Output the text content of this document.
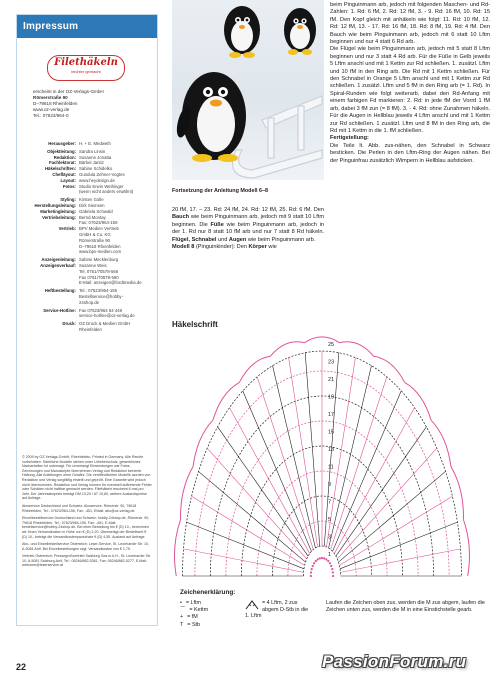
Impressum
Filethäkeln
leichter gemacht
erscheint in der OZ-Verlags-GmbH
Römerstraße 90
D–79618 Rheinfelden
www.oz-verlag.de
Tel.: 07623/964-0
Herausgeber: H. + E. Medweth
Objektleitung: Sandra Linsin
Redaktion: Susanne Jonatta
Fachlektorat: Bärbel Janitz
Häkelschriften: Sabine Schidelko
Chefläyout: Gundula Zehner-Vogtes
Layout: www.heydesign.de
Fotos: Studio Erwin Weihinger
(wenn nicht anders erwähnt)
Styling: Kirsten Golle
Herstellungsleitung: Dirk Siemsen
Marketingleitung: Gabriela Schwald
Vertriebsleitung: Bernd Montay
Fax: 07623/964-159
Vertrieb: BPV Medien Vertrieb
GmbH & Co. KG
Römerstraße 90
D–79618 Rheinfelden
www.bpv-medien.com
Anzeigenleitung: Sabine Mecklenburg
Anzeigenverkauf: Susanne Weis
Tel. 0761/70578-566
Fax 0761/70578-560
E-Mail: anzeigen@fordtmedia.de
Heftbestellung: Tel.: 07623/964-155
Bestellservice@hobby-
24shop.de
Service-Hotline: Fax 07623/964 64 449
service-hotline@oz-verlag.de
Druck: OZ Druck & Medien GmbH
Rheinfelden

© 2009 by OZ-Verlags-GmbH, Rheinfelden. Printed in Germany. Alle Rechte vorbehalten. Sämtliche Modelle stehen unter Urheberschutz, gewerbliches Nacharbeiten ist untersagt. Für unverlangt Einsendungen wie Fotos, Zeichnungen und Manuskripte übernehmen Verlag und Redaktion keinerlei Haftung. Alle Anleitungen ohne Gewähr. Die veröffentlichten Modelle wurden von Redaktion und Verlag sorgfältig erstellt und geprüft. Eine Garantie wird jedoch nicht übernommen. Redaktion und Verlag können für eventuell auftretende Fehler oder Schäden nicht haftbar gemacht werden. Filethäkeln erscheint 6 mal pro Jahr. Der Jahresabopreis beträgt DM 13,20 / AT 19,80, weitere Auslandspreise auf Anfrage.

Aboservice Deutschland und Schweiz: Aboservice, Römerstr. 90, 79618 Rheinfelden, Tel.: 07623/964-156, Fax: -451, EMail: abo@oz-verlag.de

Einzelbestellservice Deutschland und Schweiz: hobby-24shop.de, Römerstr. 90, 79618 Rheinfelden, Tel.: 07623/964-155, Fax: -451, E-Mail: bestellservice@hobby-24shop.de. Bei einer Bestellung bis € (D) 10,- berechnen wir Ihnen Versandkosten in Höhe von € (D) 2,20. Überweisgt der Bestellwert € (D) 10,- beträgt die Versandkostenpauschale € (D) 4,55. Ausland auf Anfrage.

Abo- und Einzelbestellservice Österreich: Leser-Service, St. Leonharder Str. 10, A-5081 Anif. Bei Einzelbestellungen zzgl. Versandkosten von € 1,75.

Vertrieb Österreich: Pressegroßvertrieb Salzburg Ges.m.b.H., St. Leonharder Str. 10, A-5081 Salzburg-Anif, Tel.: 06246/882-5381, Fax: 06246/882-5277, E-Mail: welcome@leserservice.at

Fortsetzung der Anleitung Modell 6–8
20 fM, 17. – 23. Rd: 24 fM, 24. Rd: 12 fM, 25. Rd: 6 fM. Den Bauch wie beim Pinguinmann arb, jedoch mit 9 statt 10 Lftm beginnen. Die Füße wie beim Pinguinmann arb, jedoch in der 1. Rd nur 8 statt 10 fM arb und nur 7 statt 8 Rd häkeln. Flügel, Schnabel und Augen wie beim Pinguinmann arb.
Modell 8 (Pinguinkinder): Den Körper wie
beim Pinguinmann arb, jedoch mit folgenden Maschen- und Rd-Zahlen: 1. Rd: 6 fM, 2. Rd: 12 fM, 3. - 9. Rd: 16 fM, 10. Rd: 15 fM. Den Kopf gleich mit anhäkeln wie folgt: 11. Rd: 10 fM, 12. Rd: 12 fM, 13. - 17. Rd: 16 fM, 18. Rd: 8 fM, 19. Rd: 4 fM. Den Bauch wie beim Pinguinmann arb, jedoch mit 6 statt 10 Lftm beginnen und nur 4 statt 6 Rd arb.
Die Flügel wie beim Pinguinmann arb, jedoch mit 5 statt 8 Lftm beginnen und nur 3 statt 4 Rd arb. Für die Füße in Gelb jeweils 5 Lftm anschl und mit 1 Kettm zur Rd schließen. 1. zusätzl. Lftm und 10 fM in den Ring arb. Die Rd mit 1 Kettm schließen. Für den Schnabel in Orange 5 Lftm anschl und mit 1 Kettm zur Rd schließen. 1 zusätzl. Lftm und 5 fM in den Ring arb (= 1. Rd). In Spiral-Runden wie folgt weiterarb, dabei den Rd-Anfang mit einem farbigen Fd markieren: 2. Rd: in jede fM der Vorrd 1 fM arb, dabei 3 fM zun (= 8 fM). 3. - 4. Rd: ohne Zunahmen häkeln. Für die Augen in Hellblau jeweils 4 Lftm anschl und mit 1 Kettm zur Rd schließen. 1 zusätzl. Lftm und 8 fM in den Ring arb, die Rd mit 1 Kettm in die 1. fM schließen.
Fertigstellung:
Die Teile lt. Abb. zus-nähen, den Schnabel in Schwarz besticken. Die Perlen in den Lftm-Ring der Augen nähen. Bei der Pinguinfrau zusätzlich Wimpern in Hellblau aufsticken.
Häkelschrift
25
23
21
19
17
15
13
11
9
7
5
3
1
Zeichenerklärung:
• = Lftm
⌒ = Kettm
+ = fM
T = Stb
= 4 Lftm, 2 zus abgem D-Stb in die 1. Lftm
Laufen die Zeichen oben zus, werden die M zus abgem, laufen die Zeichen unten zus, werden die M in eine Einstichstelle gearb.
22	PassionForum.ru
